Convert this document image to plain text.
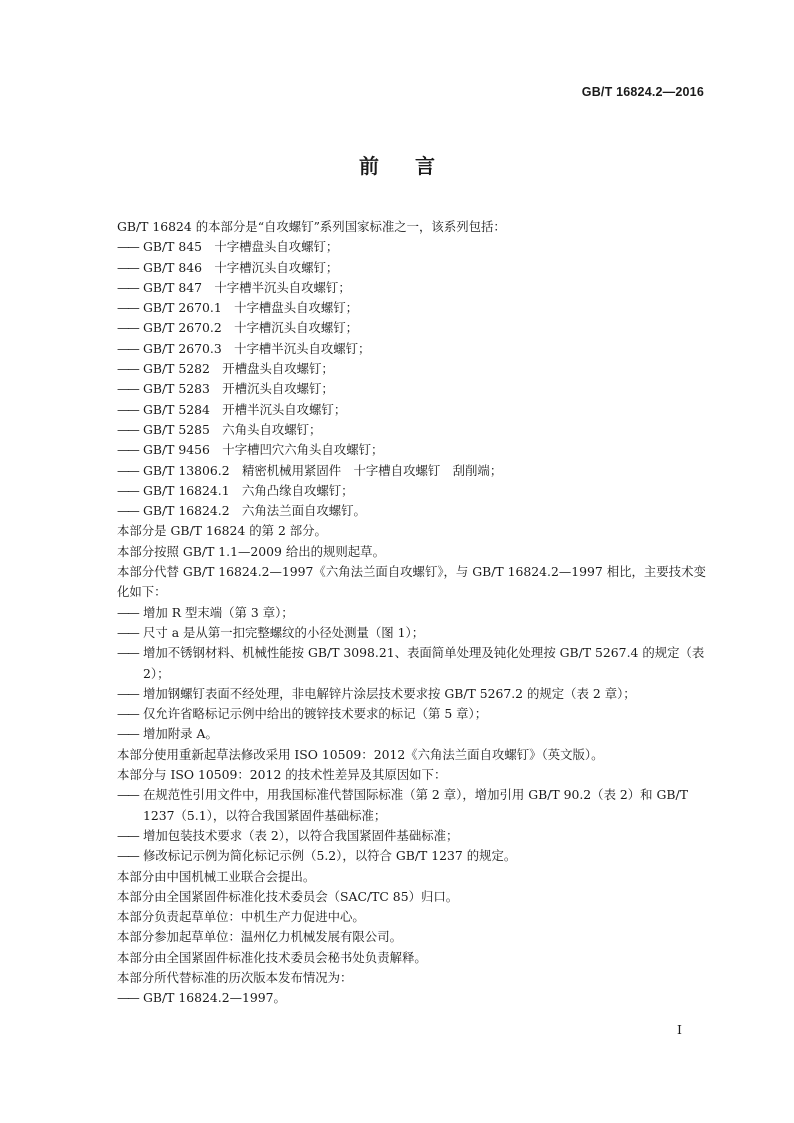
GB/T 16824.2—2016
前言

GB/T 16824 的本部分是“自攻螺钉”系列国家标准之一，该系列包括：

—— GB/T 845　十字槽盘头自攻螺钉；

—— GB/T 846　十字槽沉头自攻螺钉；

—— GB/T 847　十字槽半沉头自攻螺钉；

—— GB/T 2670.1　十字槽盘头自攻螺钉；

—— GB/T 2670.2　十字槽沉头自攻螺钉；

—— GB/T 2670.3　十字槽半沉头自攻螺钉；

—— GB/T 5282　开槽盘头自攻螺钉；

—— GB/T 5283　开槽沉头自攻螺钉；

—— GB/T 5284　开槽半沉头自攻螺钉；

—— GB/T 5285　六角头自攻螺钉；

—— GB/T 9456　十字槽凹穴六角头自攻螺钉；

—— GB/T 13806.2　精密机械用紧固件　十字槽自攻螺钉　刮削端；

—— GB/T 16824.1　六角凸缘自攻螺钉；

—— GB/T 16824.2　六角法兰面自攻螺钉。

本部分是 GB/T 16824 的第 2 部分。

本部分按照 GB/T 1.1—2009 给出的规则起草。

本部分代替 GB/T 16824.2—1997《六角法兰面自攻螺钉》，与 GB/T 16824.2—1997 相比，主要技术变化如下：

—— 增加 R 型末端（第 3 章）；

—— 尺寸 a 是从第一扣完整螺纹的小径处测量（图 1）；

—— 增加不锈钢材料、机械性能按 GB/T 3098.21、表面简单处理及钝化处理按 GB/T 5267.4 的规定（表 2）；

—— 增加钢螺钉表面不经处理，非电解锌片涂层技术要求按 GB/T 5267.2 的规定（表 2 章）；

—— 仅允许省略标记示例中给出的镀锌技术要求的标记（第 5 章）；

—— 增加附录 A。

本部分使用重新起草法修改采用 ISO 10509：2012《六角法兰面自攻螺钉》（英文版）。

本部分与 ISO 10509：2012 的技术性差异及其原因如下：

—— 在规范性引用文件中，用我国标准代替国际标准（第 2 章），增加引用 GB/T 90.2（表 2）和 GB/T 1237（5.1），以符合我国紧固件基础标准；

—— 增加包装技术要求（表 2），以符合我国紧固件基础标准；

—— 修改标记示例为简化标记示例（5.2），以符合 GB/T 1237 的规定。

本部分由中国机械工业联合会提出。

本部分由全国紧固件标准化技术委员会（SAC/TC 85）归口。

本部分负责起草单位：中机生产力促进中心。

本部分参加起草单位：温州亿力机械发展有限公司。

本部分由全国紧固件标准化技术委员会秘书处负责解释。

本部分所代替标准的历次版本发布情况为：

—— GB/T 16824.2—1997。

I
